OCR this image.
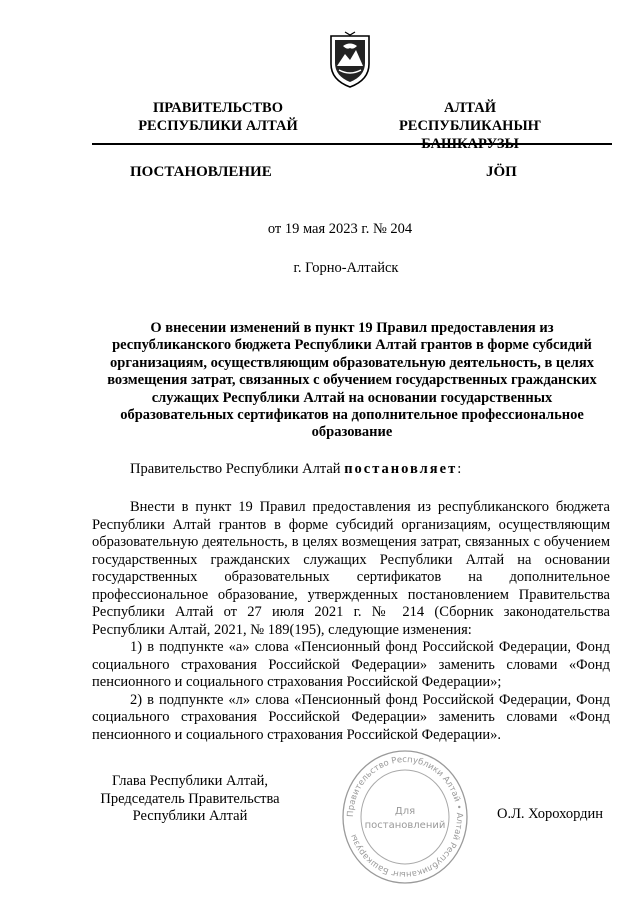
ПРАВИТЕЛЬСТВО
РЕСПУБЛИКИ АЛТАЙ
АЛТАЙ РЕСПУБЛИКАНЫҤ
БАШКАРУЗЫ
ПОСТАНОВЛЕНИЕ	JÖП
от 19 мая 2023 г. № 204
г. Горно-Алтайск
О внесении изменений в пункт 19 Правил предоставления из республиканского бюджета Республики Алтай грантов в форме субсидий организациям, осуществляющим образовательную деятельность, в целях возмещения затрат, связанных с обучением государственных гражданских служащих Республики Алтай на основании государственных образовательных сертификатов на дополнительное профессиональное образование
Правительство Республики Алтай постановляет:

Внести в пункт 19 Правил предоставления из республиканского бюджета Республики Алтай грантов в форме субсидий организациям, осуществляющим образовательную деятельность, в целях возмещения затрат, связанных с обучением государственных гражданских служащих Республики Алтай на основании государственных образовательных сертификатов на дополнительное профессиональное образование, утвержденных постановлением Правительства Республики Алтай от 27 июля 2021 г. № 214 (Сборник законодательства Республики Алтай, 2021, № 189(195), следующие изменения:

1) в подпункте «а» слова «Пенсионный фонд Российской Федерации, Фонд социального страхования Российской Федерации» заменить словами «Фонд пенсионного и социального страхования Российской Федерации»;

2) в подпункте «л» слова «Пенсионный фонд Российской Федерации, Фонд социального страхования Российской Федерации» заменить словами «Фонд пенсионного и социального страхования Российской Федерации».

Глава Республики Алтай,
Председатель Правительства
Республики Алтай	О.Л. Хорохордин
Правительство Республики Алтай • Алтай Республиканыҥ Башкарузы
Для
постановлений
